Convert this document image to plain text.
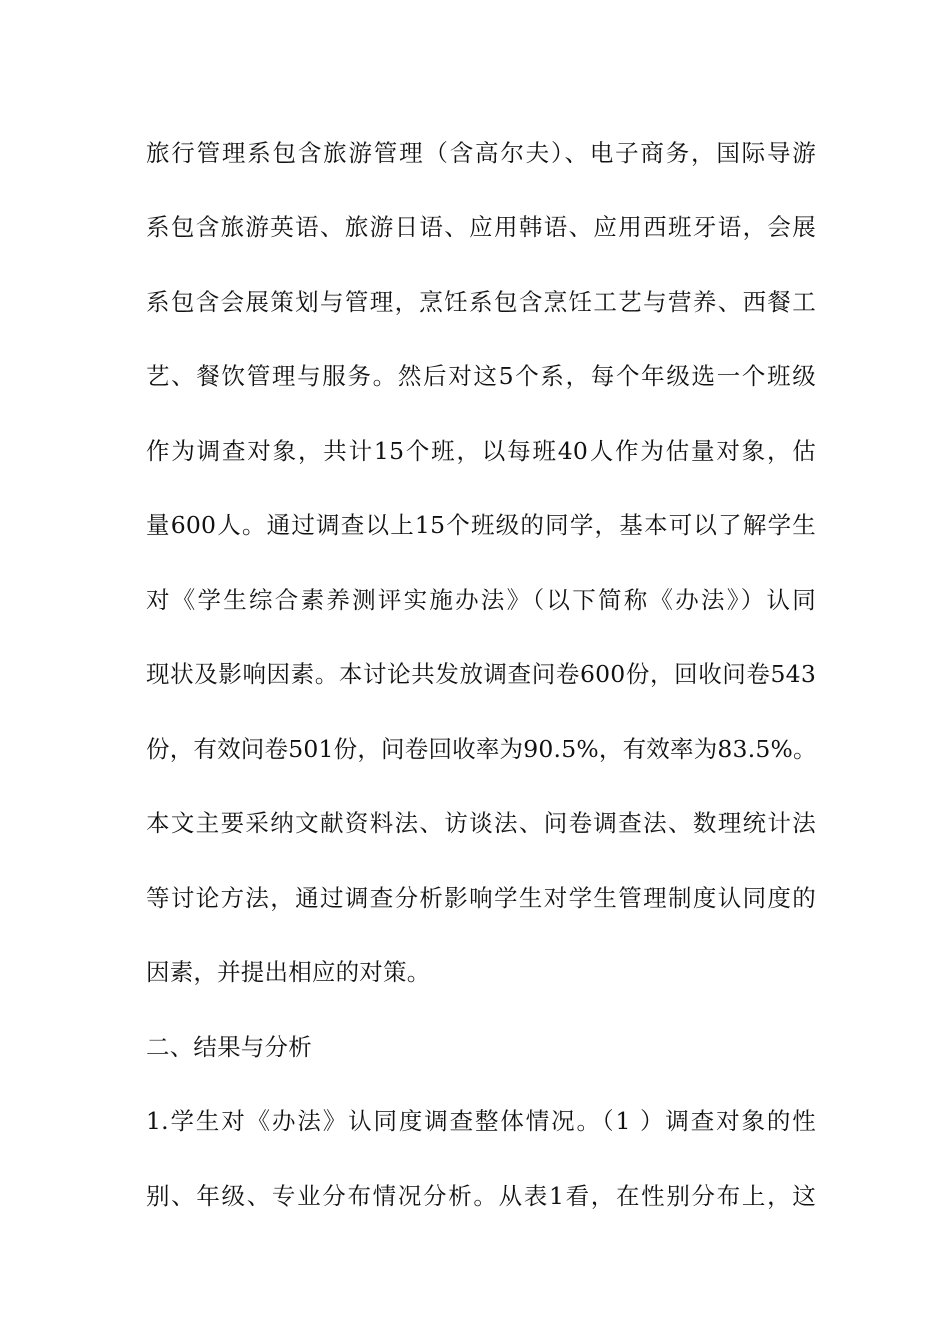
旅行管理系包含旅游管理（含高尔夫）、电子商务，国际导游
系包含旅游英语、旅游日语、应用韩语、应用西班牙语，会展
系包含会展策划与管理，烹饪系包含烹饪工艺与营养、西餐工
艺、餐饮管理与服务。然后对这5个系，每个年级选一个班级
作为调查对象，共计15个班，以每班40人作为估量对象，估
量600人。通过调查以上15个班级的同学，基本可以了解学生
对《学生综合素养测评实施办法》（以下简称《办法》）认同
现状及影响因素。本讨论共发放调查问卷600份，回收问卷543
份，有效问卷501份，问卷回收率为90.5%，有效率为83.5%。
本文主要采纳文献资料法、访谈法、问卷调查法、数理统计法
等讨论方法，通过调查分析影响学生对学生管理制度认同度的
因素，并提出相应的对策。
二、结果与分析
1.学生对《办法》认同度调查整体情况。（1 ）调查对象的性
别、年级、专业分布情况分析。从表1看，在性别分布上，这
